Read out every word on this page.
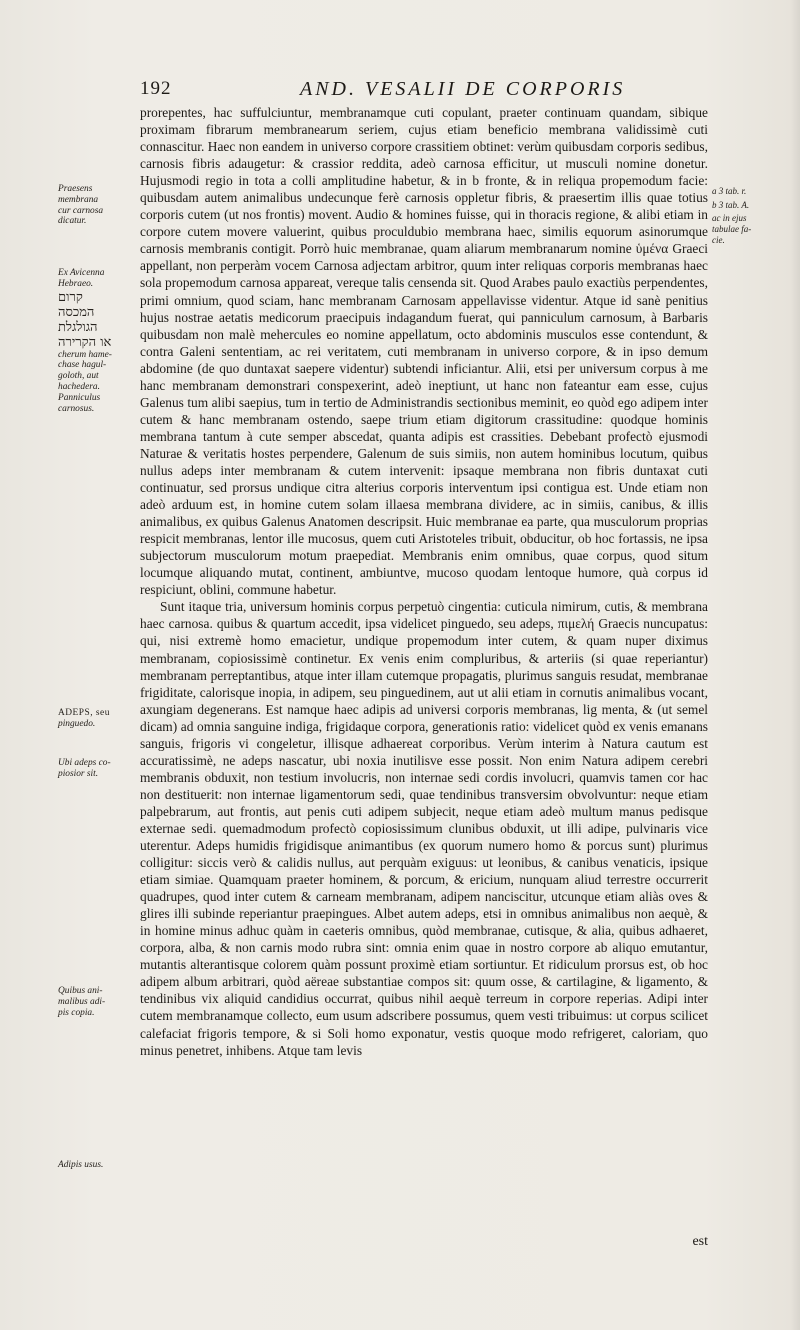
192	AND. VESALII DE CORPORIS

prorepentes, hac suffulciuntur, membranamque cuti copulant, praeter continuam quandam, sibique proximam fibrarum membranearum seriem, cujus etiam beneficio membrana validissimè cuti connascitur. Haec non eandem in universo corpore crassitiem obtinet: verùm quibusdam corporis sedibus, carnosis fibris adaugetur: & crassior reddita, adeò carnosa efficitur, ut musculi nomine donetur. Hujusmodi regio in tota a colli amplitudine habetur, & in b fronte, & in reliqua propemodum facie: quibusdam autem animalibus undecunque ferè carnosis oppletur fibris, & praesertim illis quae totius corporis cutem (ut nos frontis) movent. Audio & homines fuisse, qui in thoracis regione, & alibi etiam in corpore cutem movere valuerint, quibus proculdubio membrana haec, similis equorum asinorumque carnosis membranis contigit. Porrò huic membranae, quam aliarum membranarum nomine ὑμένα Graeci appellant, non perperàm vocem Carnosa adjectam arbitror, quum inter reliquas corporis membranas haec sola propemodum carnosa appareat, vereque talis censenda sit. Quod Arabes paulo exactiùs perpendentes, primi omnium, quod sciam, hanc membranam Carnosam appellavisse videntur. Atque id sanè penitius hujus nostrae aetatis medicorum praecipuis indagandum fuerat, qui panniculum carnosum, à Barbaris quibusdam non malè mehercules eo nomine appellatum, octo abdominis musculos esse contendunt, & contra Galeni sententiam, ac rei veritatem, cuti membranam in universo corpore, & in ipso demum abdomine (de quo duntaxat saepere videntur) subtendi inficiantur. Alii, etsi per universum corpus à me hanc membranam demonstrari conspexerint, adeò ineptiunt, ut hanc non fateantur eam esse, cujus Galenus tum alibi saepius, tum in tertio de Administrandis sectionibus meminit, eo quòd ego adipem inter cutem & hanc membranam ostendo, saepe trium etiam digitorum crassitudine: quodque hominis membrana tantum à cute semper abscedat, quanta adipis est crassities. Debebant profectò ejusmodi Naturae & veritatis hostes perpendere, Galenum de suis simiis, non autem hominibus locutum, quibus nullus adeps inter membranam & cutem intervenit: ipsaque membrana non fibris duntaxat cuti continuatur, sed prorsus undique citra alterius corporis interventum ipsi contigua est. Unde etiam non adeò arduum est, in homine cutem solam illaesa membrana dividere, ac in simiis, canibus, & illis animalibus, ex quibus Galenus Anatomen descripsit. Huic membranae ea parte, qua musculorum proprias respicit membranas, lentor ille mucosus, quem cuti Aristoteles tribuit, obducitur, ob hoc fortassis, ne ipsa subjectorum musculorum motum praepediat. Membranis enim omnibus, quae corpus, quod situm locumque aliquando mutat, continent, ambiuntve, mucoso quodam lentoque humore, quà corpus id respiciunt, oblini, commune habetur.

Sunt itaque tria, universum hominis corpus perpetuò cingentia: cuticula nimirum, cutis, & membrana haec carnosa. quibus & quartum accedit, ipsa videlicet pinguedo, seu adeps, πιμελή Graecis nuncupatus: qui, nisi extremè homo emacietur, undique propemodum inter cutem, & quam nuper diximus membranam, copiosissimè continetur. Ex venis enim compluribus, & arteriis (si quae reperiantur) membranam perreptantibus, atque inter illam cutemque propagatis, plurimus sanguis resudat, membranae frigiditate, calorisque inopia, in adipem, seu pinguedinem, aut ut alii etiam in cornutis animalibus vocant, axungiam degenerans. Est namque haec adipis ad universi corporis membranas, lig menta, & (ut semel dicam) ad omnia sanguine indiga, frigidaque corpora, generationis ratio: videlicet quòd ex venis emanans sanguis, frigoris vi congeletur, illisque adhaereat corporibus. Verùm interim à Natura cautum est accuratissimè, ne adeps nascatur, ubi noxia inutilisve esse possit. Non enim Natura adipem cerebri membranis obduxit, non testium involucris, non internae sedi cordis involucri, quamvis tamen cor hac non destituerit: non internae ligamentorum sedi, quae tendinibus transversim obvolvuntur: neque etiam palpebrarum, aut frontis, aut penis cuti adipem subjecit, neque etiam adeò multum manus pedisque externae sedi. quemadmodum profectò copiosissimum clunibus obduxit, ut illi adipe, pulvinaris vice uterentur. Adeps humidis frigidisque animantibus (ex quorum numero homo & porcus sunt) plurimus colligitur: siccis verò & calidis nullus, aut perquàm exiguus: ut leonibus, & canibus venaticis, ipsique etiam simiae. Quamquam praeter hominem, & porcum, & ericium, nunquam aliud terrestre occurrerit quadrupes, quod inter cutem & carneam membranam, adipem nanciscitur, utcunque etiam aliàs oves & glires illi subinde reperiantur praepingues. Albet autem adeps, etsi in omnibus animalibus non aequè, & in homine minus adhuc quàm in caeteris omnibus, quòd membranae, cutisque, & alia, quibus adhaeret, corpora, alba, & non carnis modo rubra sint: omnia enim quae in nostro corpore ab aliquo emutantur, mutantis alterantisque colorem quàm possunt proximè etiam sortiuntur. Et ridiculum prorsus est, ob hoc adipem album arbitrari, quòd aëreae substantiae compos sit: quum osse, & cartilagine, & ligamento, & tendinibus vix aliquid candidius occurrat, quibus nihil aequè terreum in corpore reperias. Adipi inter cutem membranamque collecto, eum usum adscribere possumus, quem vesti tribuimus: ut corpus scilicet calefaciat frigoris tempore, & si Soli homo exponatur, vestis quoque modo refrigeret, caloriam, quo minus penetret, inhibens. Atque tam levis

Praesens
membrana
cur carnosa
dicatur.
Ex Avicenna
Hebraeo.
קרום
המכסה
הגולגלת
או הקרירה
cherum hame-
chase hagul-
goloth, aut
hachedera.
Panniculus
carnosus.
ADEPS, seu
pinguedo.
Ubi adeps co-
piosior sit.
Quibus ani-
malibus adi-
pis copia.
Adipis usus.
a 3 tab. r.
b 3 tab. A.
ac in ejus
tabulae fa-
cie.
est
